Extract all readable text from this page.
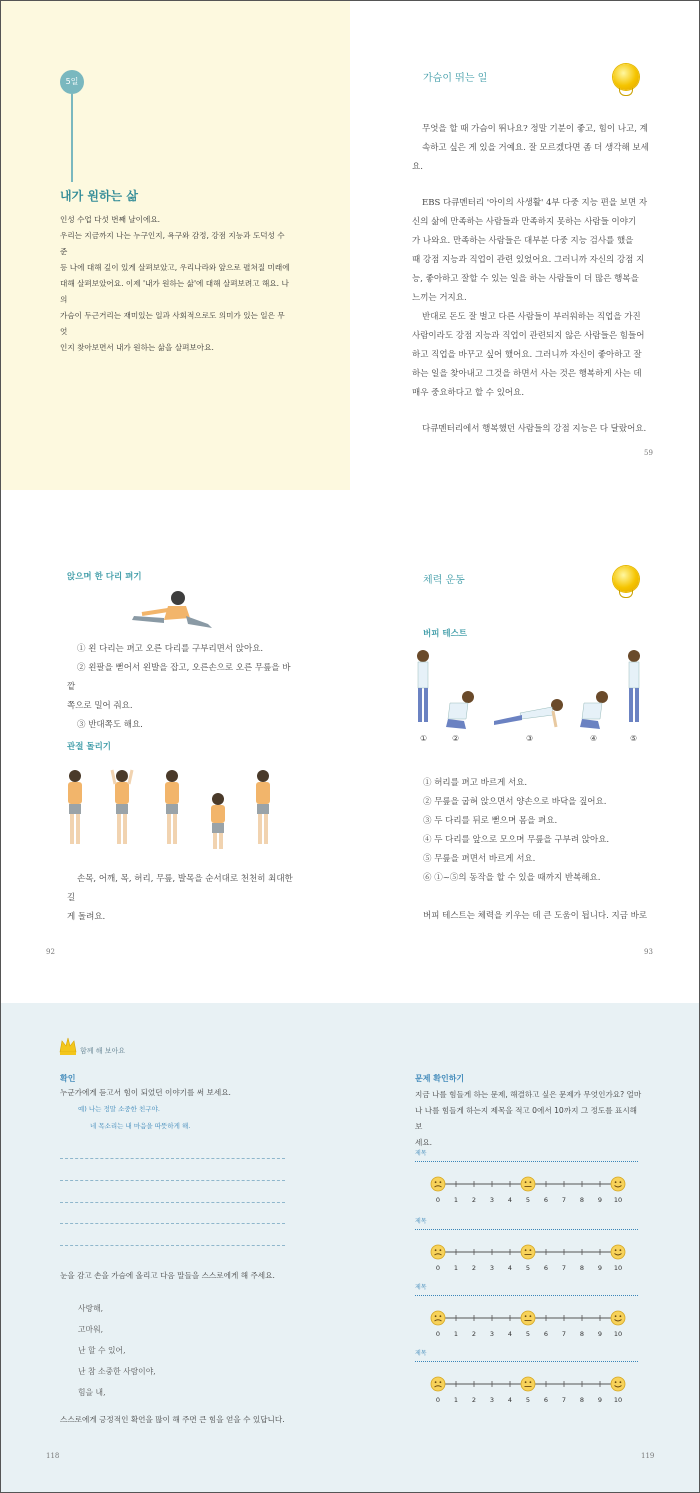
5일
내가 원하는 삶
인성 수업 다섯 번째 날이에요.
우리는 지금까지 나는 누구인지, 욕구와 감정, 강점 지능과 도덕성 수준
등 나에 대해 깊이 있게 살펴보았고, 우리나라와 앞으로 펼쳐질 미래에
대해 살펴보았어요. 이제 '내가 원하는 삶'에 대해 살펴보려고 해요. 나의
가슴이 두근거리는 재미있는 일과 사회적으로도 의미가 있는 일은 무엇
인지 찾아보면서 내가 원하는 삶을 살펴보아요.
가슴이 뛰는 일
무엇을 할 때 가슴이 뛰나요? 정말 기분이 좋고, 힘이 나고, 계
속하고 싶은 게 있을 거예요. 잘 모르겠다면 좀 더 생각해 보세요.
EBS 다큐멘터리 '아이의 사생활' 4부 다중 지능 편을 보면 자
신의 삶에 만족하는 사람들과 만족하지 못하는 사람들 이야기
가 나와요. 만족하는 사람들은 대부분 다중 지능 검사를 했을
때 강점 지능과 직업이 관련 있었어요. 그러니까 자신의 강점 지
능, 좋아하고 잘할 수 있는 일을 하는 사람들이 더 많은 행복을
느끼는 거지요.
반대로 돈도 잘 벌고 다른 사람들이 부러워하는 직업을 가진
사람이라도 강점 지능과 직업이 관련되지 않은 사람들은 힘들어
하고 직업을 바꾸고 싶어 했어요. 그러니까 자신이 좋아하고 잘
하는 일을 찾아내고 그것을 하면서 사는 것은 행복하게 사는 데
매우 중요하다고 할 수 있어요.
다큐멘터리에서 행복했던 사람들의 강점 지능은 다 달랐어요.
59
앉으며 한 다리 펴기
① 왼 다리는 펴고 오른 다리를 구부리면서 앉아요.
② 왼팔을 뻗어서 왼발을 잡고, 오른손으로 오른 무릎을 바깥
쪽으로 밀어 줘요.
③ 반대쪽도 해요.
관절 돌리기
손목, 어깨, 목, 허리, 무릎, 발목을 순서대로 천천히 최대한 길
게 돌려요.
92
체력 운동
버피 테스트
①	②	③	④	⑤
① 허리를 펴고 바르게 서요.
② 무릎을 굽혀 앉으면서 양손으로 바닥을 짚어요.
③ 두 다리를 뒤로 뻗으며 몸을 펴요.
④ 두 다리를 앞으로 모으며 무릎을 구부려 앉아요.
⑤ 무릎을 펴면서 바르게 서요.
⑥ ①~⑤의 동작을 할 수 있을 때까지 반복해요.
버피 테스트는 체력을 키우는 데 큰 도움이 됩니다. 지금 바로
93
함께 해 보아요
확인
누군가에게 듣고서 힘이 되었던 이야기를 써 보세요.
예) 나는 정말 소중한 친구야.
네 목소리는 내 마음을 따뜻하게 해.
눈을 감고 손을 가슴에 올리고 다음 말들을 스스로에게 해 주세요.
사랑해,
고마워,
난 할 수 있어,
난 참 소중한 사람이야,
힘을 내,
스스로에게 긍정적인 확언을 많이 해 주면 큰 힘을 얻을 수 있답니다.
118
문제 확인하기
지금 나를 힘들게 하는 문제, 해결하고 싶은 문제가 무엇인가요? 얼마
나 나를 힘들게 하는지 제목을 적고 0에서 10까지 그 정도를 표시해 보
세요.
제목
0 1 2 3 4 5 6 7 8 9 10
제목
0 1 2 3 4 5 6 7 8 9 10
제목
0 1 2 3 4 5 6 7 8 9 10
제목
0 1 2 3 4 5 6 7 8 9 10
119
